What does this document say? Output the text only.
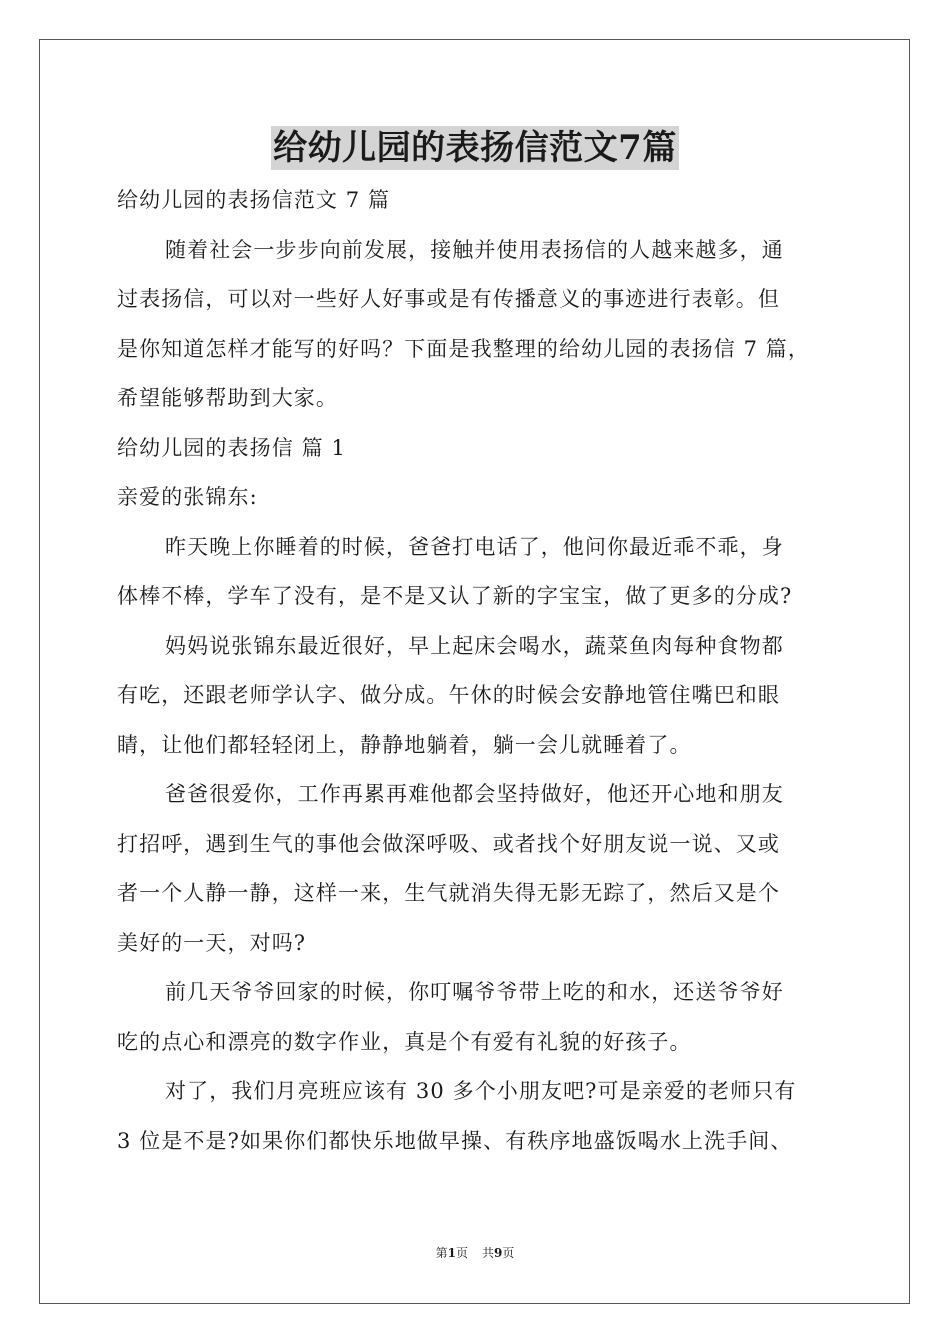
给幼儿园的表扬信范文7篇
给幼儿园的表扬信范文 7 篇
随着社会一步步向前发展，接触并使用表扬信的人越来越多，通
过表扬信，可以对一些好人好事或是有传播意义的事迹进行表彰。但
是你知道怎样才能写的好吗？下面是我整理的给幼儿园的表扬信 7 篇，
希望能够帮助到大家。
给幼儿园的表扬信 篇 1
亲爱的张锦东:
昨天晚上你睡着的时候，爸爸打电话了，他问你最近乖不乖，身
体棒不棒，学车了没有，是不是又认了新的字宝宝，做了更多的分成?
妈妈说张锦东最近很好，早上起床会喝水，蔬菜鱼肉每种食物都
有吃，还跟老师学认字、做分成。午休的时候会安静地管住嘴巴和眼
睛，让他们都轻轻闭上，静静地躺着，躺一会儿就睡着了。
爸爸很爱你，工作再累再难他都会坚持做好，他还开心地和朋友
打招呼，遇到生气的事他会做深呼吸、或者找个好朋友说一说、又或
者一个人静一静，这样一来，生气就消失得无影无踪了，然后又是个
美好的一天，对吗?
前几天爷爷回家的时候，你叮嘱爷爷带上吃的和水，还送爷爷好
吃的点心和漂亮的数字作业，真是个有爱有礼貌的好孩子。
对了，我们月亮班应该有 30 多个小朋友吧?可是亲爱的老师只有
3 位是不是?如果你们都快乐地做早操、有秩序地盛饭喝水上洗手间、
第1页 共9页
